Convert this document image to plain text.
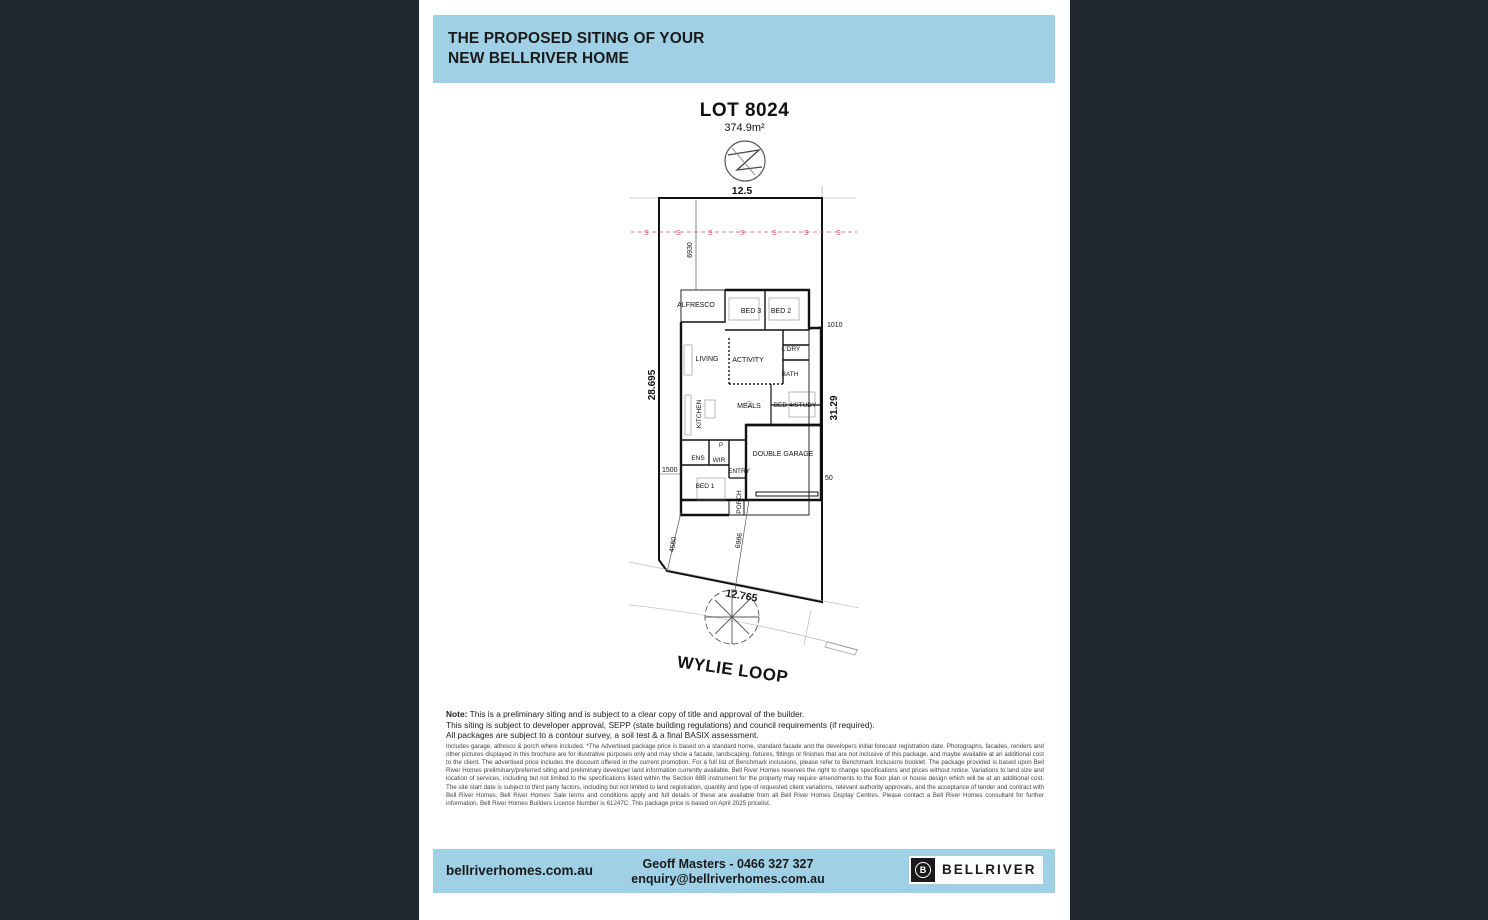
THE PROPOSED SITING OF YOUR
NEW BELLRIVER HOME
LOT 8024
374.9m²
12.5
S	S	S	S	S	S	S
6930
28.695
31.29
1010
1500
50
ALFRESCO
BED 3 BED 2
L'DRY
LIVING ACTIVITY
BATH
KITCHEN	MEALS BED 4/STUDY
P
ENS WIR
DOUBLE GARAGE
ENTRY
BED 1
PORCH
4580	6986
12.765
WYLIE LOOP
Note: This is a preliminary siting and is subject to a clear copy of title and approval of the builder.
This siting is subject to developer approval, SEPP (state building regulations) and council requirements (if required).
All packages are subject to a contour survey, a soil test & a final BASIX assessment.
Includes garage, alfresco & porch where included. *The Advertised package price is based on a standard home, standard facade and the developers initial forecast registration date. Photographs, facades, renders and other pictures displayed in this brochure are for illustrative purposes only and may show a facade, landscaping, fixtures, fittings or finishes that are not inclusive of this package, and maybe available at an additional cost to the client. The advertised price includes the discount offered in the current promotion. For a full list of Benchmark inclusions, please refer to Benchmark Inclusions booklet. The package provided is based upon Bell River Homes preliminary/preferred siting and preliminary developer land information currently available. Bell River Homes reserves the right to change specifications and prices without notice. Variations to land size and location of services, including but not limited to the specifications listed within the Section 88B instrument for the property may require amendments to the floor plan or house design which will be at an additional cost. The site start date is subject to third party factors, including but not limited to land registration, quantity and type of requested client variations, relevant authority approvals, and the acceptance of tender and contract with Bell River Homes. Bell River Homes' Sale terms and conditions apply and full details of these are available from all Bell River Homes Display Centres. Please contact a Bell River Homes consultant for further information. Bell River Homes Builders Licence Number is 61247C. This package price is based on April 2025 pricelist.
bellriverhomes.com.au	Geoff Masters - 0466 327 327
enquiry@bellriverhomes.com.au
B	BELLRIVER
